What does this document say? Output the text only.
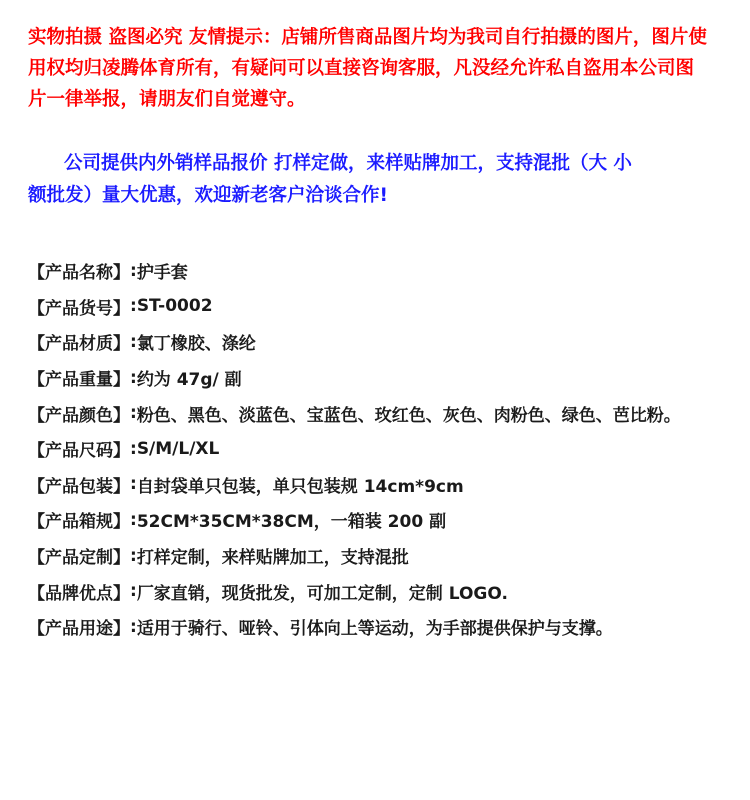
实物拍摄 盗图必究 友情提示：店铺所售商品图片均为我司自行拍摄的图片，图片使用权均归凌腾体育所有，有疑问可以直接咨询客服，凡没经允许私自盗用本公司图片一律举报，请朋友们自觉遵守。

公司提供内外销样品报价 打样定做，来样贴牌加工，支持混批（大 小额批发）量大优惠，欢迎新老客户洽谈合作!

【产品名称】 : 护手套
【产品货号】 : ST-0002
【产品材质】 : 氯丁橡胶、涤纶
【产品重量】 : 约为 47g/ 副
【产品颜色】 : 粉色、黑色、淡蓝色、宝蓝色、玫红色、灰色、肉粉色、绿色、芭比粉。
【产品尺码】 : S/M/L/XL
【产品包装】 : 自封袋单只包装，单只包装规 14cm*9cm
【产品箱规】 : 52CM*35CM*38CM，一箱装 200 副
【产品定制】 : 打样定制，来样贴牌加工，支持混批
【品牌优点】 : 厂家直销，现货批发，可加工定制，定制 LOGO.
【产品用途】 : 适用于骑行、哑铃、引体向上等运动，为手部提供保护与支撑。
